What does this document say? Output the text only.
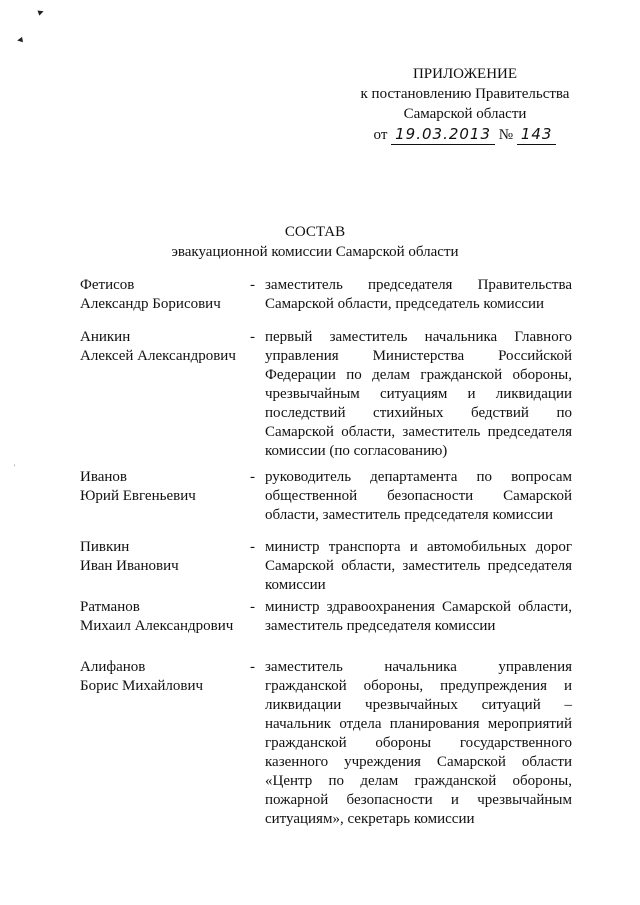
▸
◂
ПРИЛОЖЕНИЕ
к постановлению Правительства
Самарской области
от 19.03.2013 № 143
СОСТАВ
эвакуационной комиссии Самарской области
Фетисов
Александр Борисович
- заместитель председателя Правительства Самарской области, председатель комиссии
Аникин
Алексей Александрович
- первый заместитель начальника Главного управления Министерства Российской Федерации по делам гражданской обороны, чрезвычайным ситуациям и ликвидации последствий стихийных бедствий по Самарской области, заместитель председателя комиссии (по согласованию)
Иванов
Юрий Евгеньевич
- руководитель департамента по вопросам общественной безопасности Самарской области, заместитель председателя комиссии
Пивкин
Иван Иванович
- министр транспорта и автомобильных дорог Самарской области, заместитель председателя комиссии
Ратманов
Михаил Александрович
- министр здравоохранения Самарской области, заместитель председателя комиссии
Алифанов
Борис Михайлович
- заместитель начальника управления гражданской обороны, предупреждения и ликвидации чрезвычайных ситуаций – начальник отдела планирования мероприятий гражданской обороны государственного казенного учреждения Самарской области «Центр по делам гражданской обороны, пожарной безопасности и чрезвычайным ситуациям», секретарь комиссии
'
